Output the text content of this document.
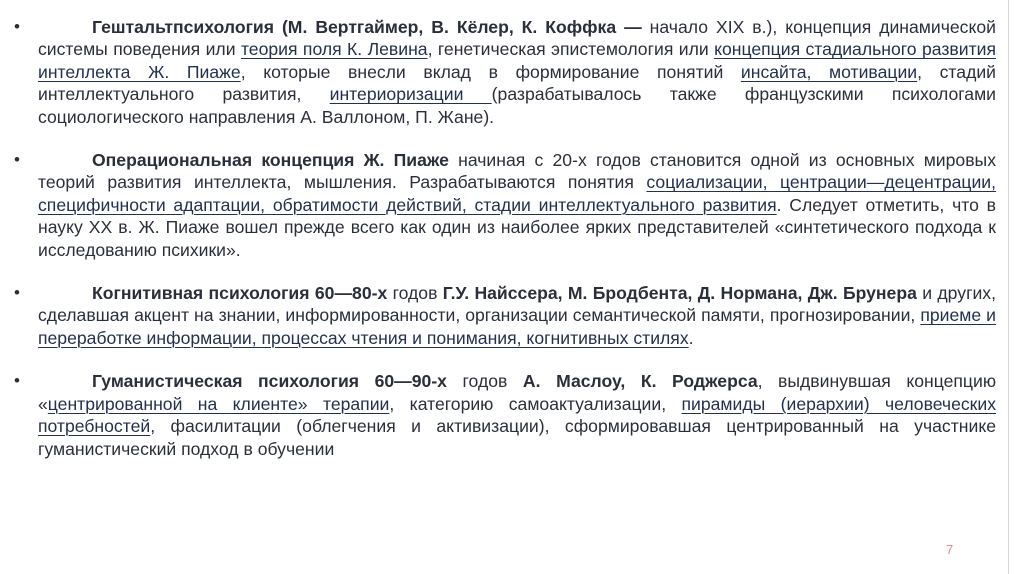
•	Гештальтпсихология (М. Вертгаймер, В. Кёлер, К. Коффка — начало XIX в.), концепция динамической системы поведения или теория поля К. Левина, генетическая эпистемология или концепция стадиального развития интеллекта Ж. Пиаже, которые внесли вклад в формирование понятий инсайта, мотивации, стадий интеллектуального развития, интериоризации (разрабатывалось также французскими психологами социологического направления А. Валлоном, П. Жане).
•	Операциональная концепция Ж. Пиаже начиная с 20-х годов становится одной из основных мировых теорий развития интеллекта, мышления. Разрабатываются понятия социализации, центрации—децентрации, специфичности адаптации, обратимости действий, стадии интеллектуального развития. Следует отметить, что в науку XX в. Ж. Пиаже вошел прежде всего как один из наиболее ярких представителей «синтетического подхода к исследованию психики».
•	Когнитивная психология 60—80-х годов Г.У. Найссера, М. Бродбента, Д. Нормана, Дж. Брунера и других, сделавшая акцент на знании, информированности, организации семантической памяти, прогнозировании, приеме и переработке информации, процессах чтения и понимания, когнитивных стилях.
•	Гуманистическая психология 60—90-х годов А. Маслоу, К. Роджерса, выдвинувшая концепцию «центрированной на клиенте» терапии, категорию самоактуализации, пирамиды (иерархии) человеческих потребностей, фасилитации (облегчения и активизации), сформировавшая центрированный на участнике гуманистический подход в обучении
7
